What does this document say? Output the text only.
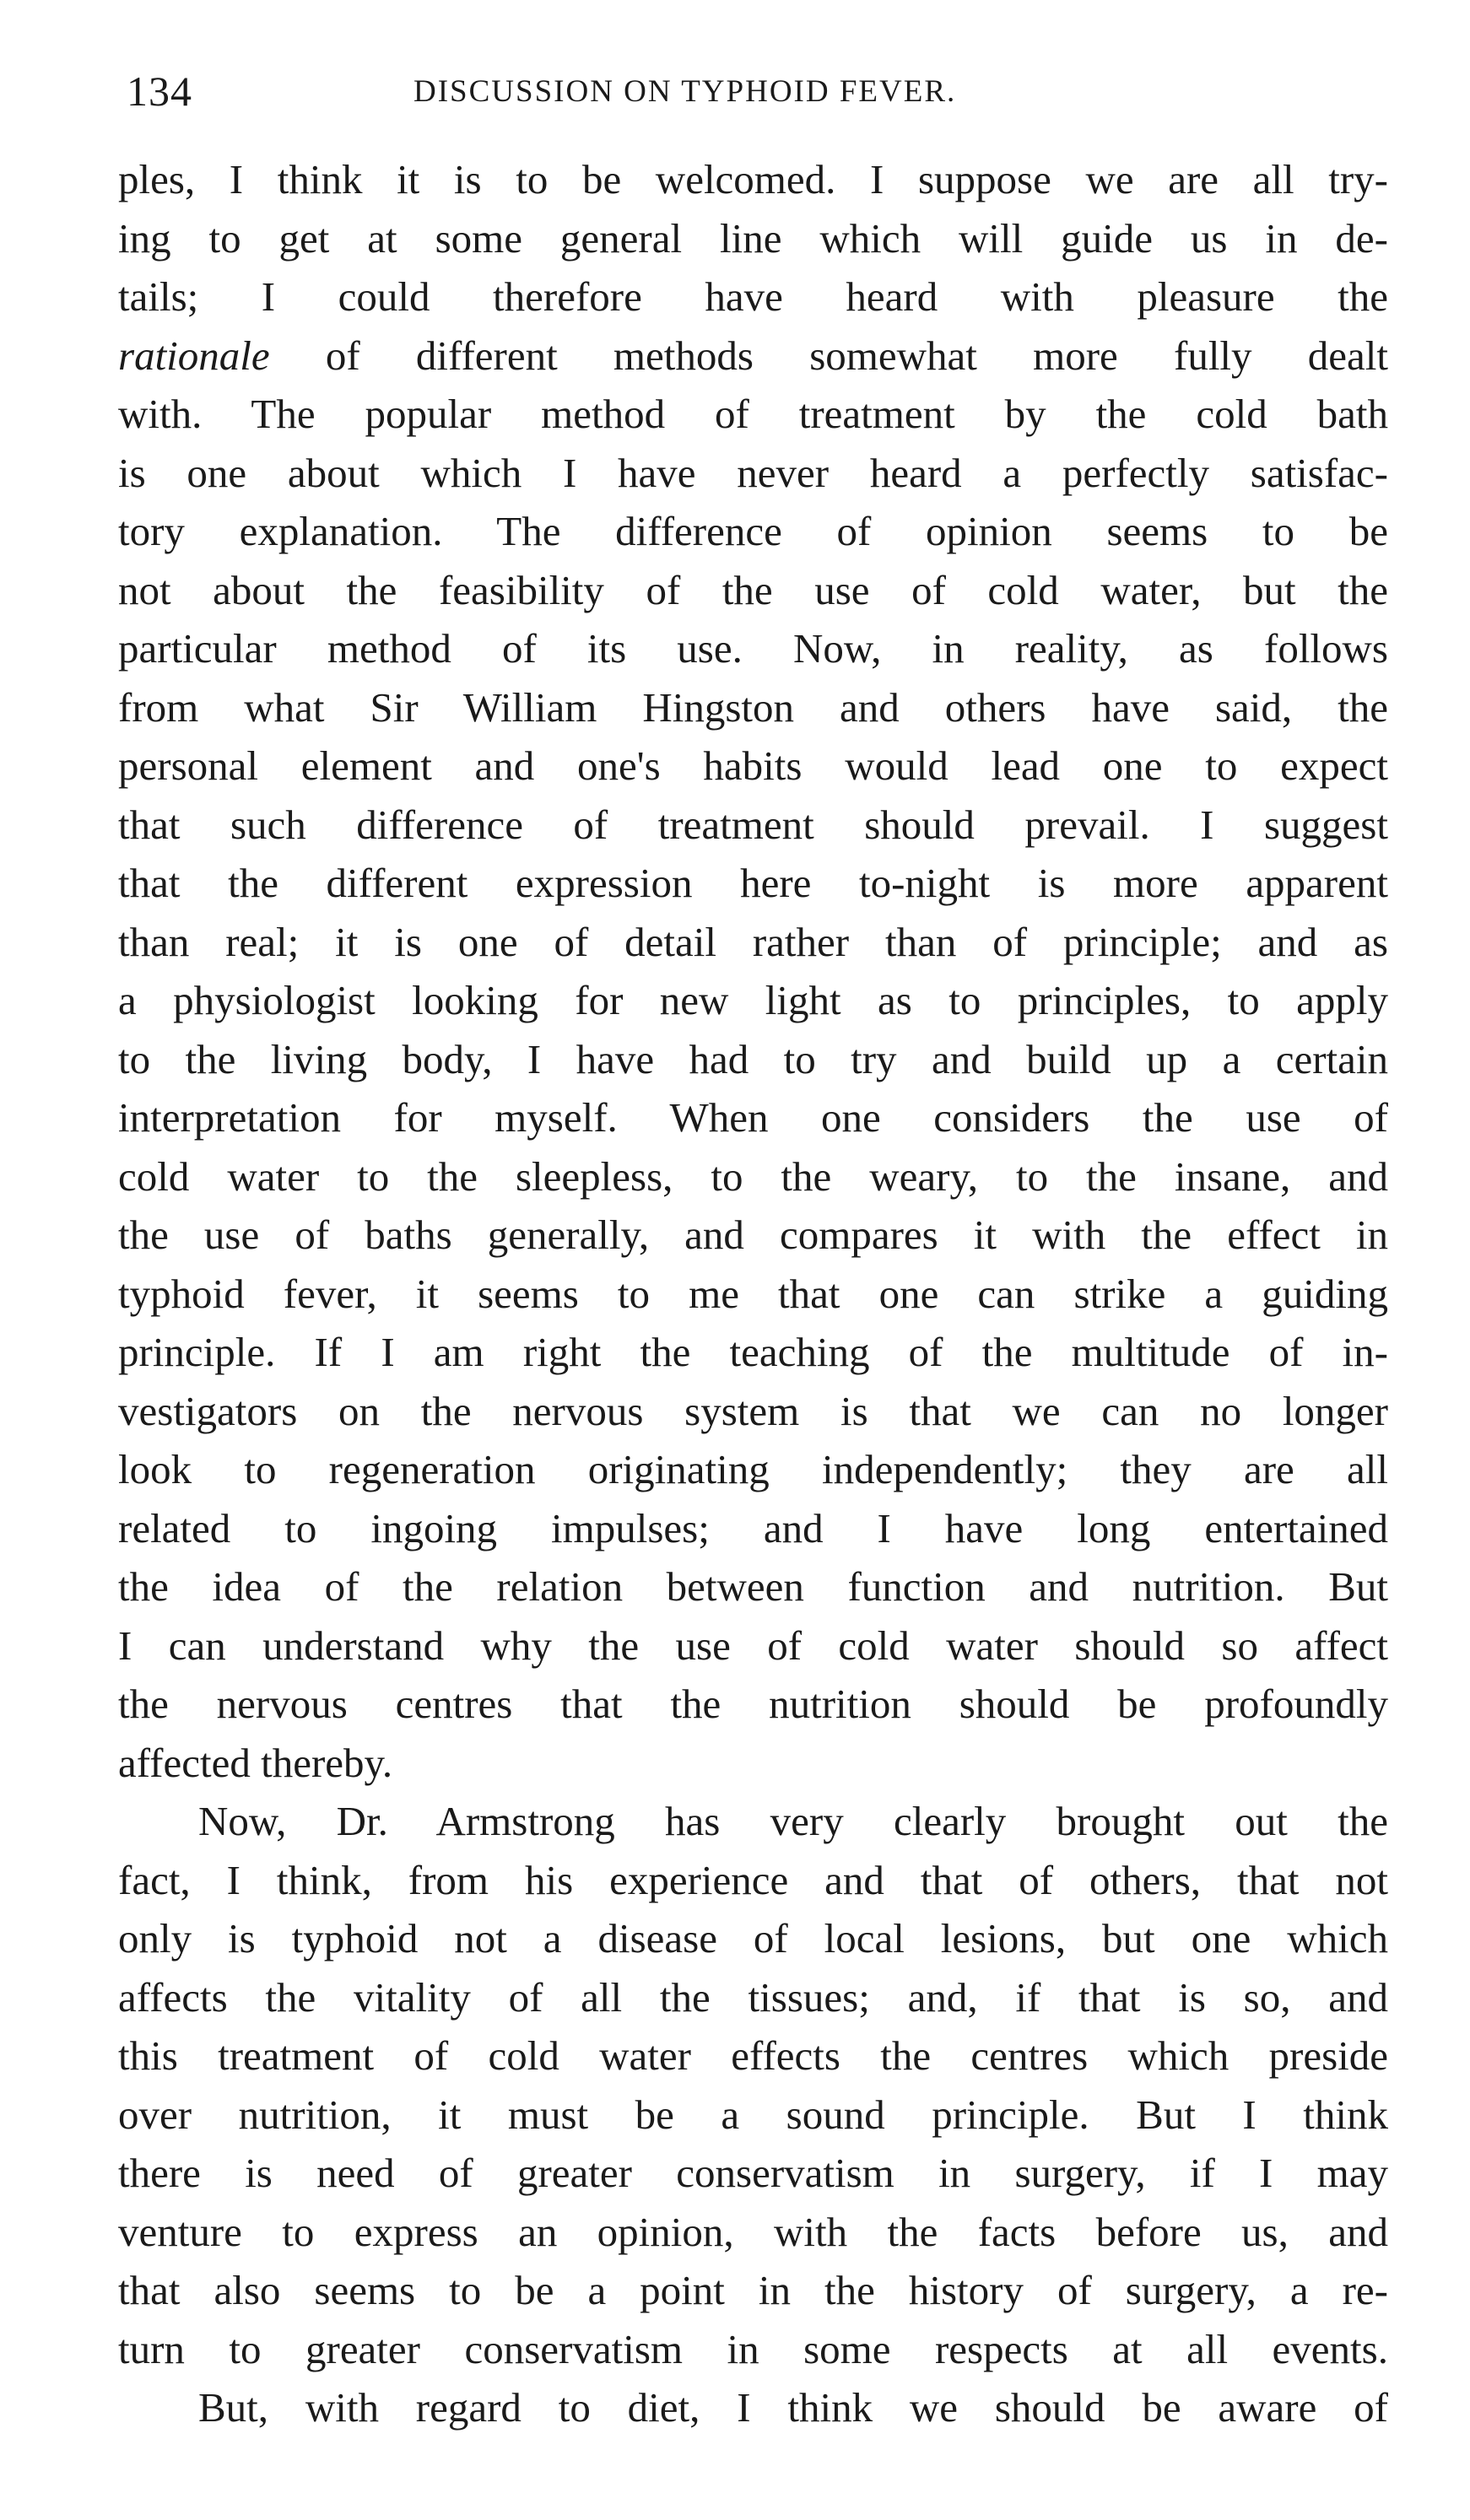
134	DISCUSSION ON TYPHOID FEVER.
ples, I think it is to be welcomed. I suppose we are all try-
ing to get at some general line which will guide us in de-
tails; I could therefore have heard with pleasure the
rationale of different methods somewhat more fully dealt
with. The popular method of treatment by the cold bath
is one about which I have never heard a perfectly satisfac-
tory explanation. The difference of opinion seems to be
not about the feasibility of the use of cold water, but the
particular method of its use. Now, in reality, as follows
from what Sir William Hingston and others have said, the
personal element and one's habits would lead one to expect
that such difference of treatment should prevail. I suggest
that the different expression here to-night is more apparent
than real; it is one of detail rather than of principle; and as
a physiologist looking for new light as to principles, to apply
to the living body, I have had to try and build up a certain
interpretation for myself. When one considers the use of
cold water to the sleepless, to the weary, to the insane, and
the use of baths generally, and compares it with the effect in
typhoid fever, it seems to me that one can strike a guiding
principle. If I am right the teaching of the multitude of in-
vestigators on the nervous system is that we can no longer
look to regeneration originating independently; they are all
related to ingoing impulses; and I have long entertained
the idea of the relation between function and nutrition. But
I can understand why the use of cold water should so affect
the nervous centres that the nutrition should be profoundly
affected thereby.
Now, Dr. Armstrong has very clearly brought out the
fact, I think, from his experience and that of others, that not
only is typhoid not a disease of local lesions, but one which
affects the vitality of all the tissues; and, if that is so, and
this treatment of cold water effects the centres which preside
over nutrition, it must be a sound principle. But I think
there is need of greater conservatism in surgery, if I may
venture to express an opinion, with the facts before us, and
that also seems to be a point in the history of surgery, a re-
turn to greater conservatism in some respects at all events.
But, with regard to diet, I think we should be aware of
